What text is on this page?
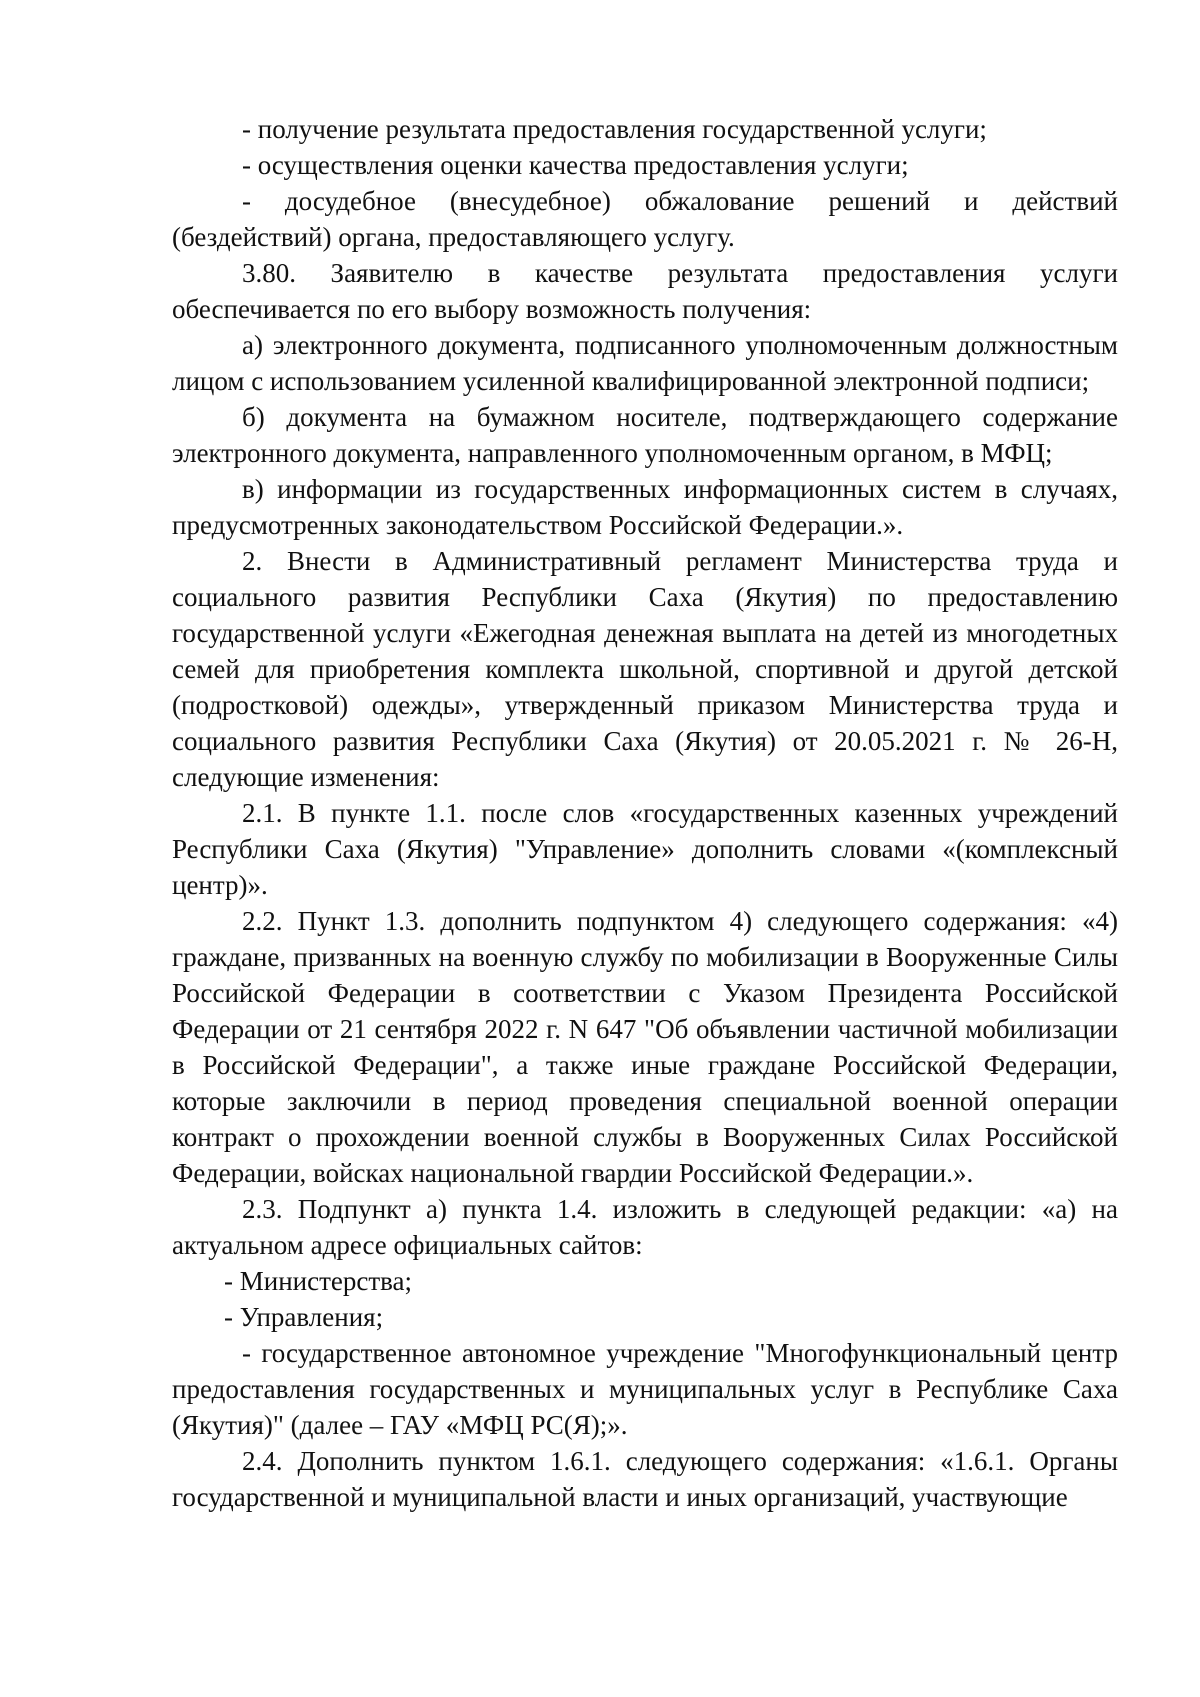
- получение результата предоставления государственной услуги;

- осуществления оценки качества предоставления услуги;

- досудебное (внесудебное) обжалование решений и действий (бездействий) органа, предоставляющего услугу.

3.80. Заявителю в качестве результата предоставления услуги обеспечивается по его выбору возможность получения:

а) электронного документа, подписанного уполномоченным должностным лицом с использованием усиленной квалифицированной электронной подписи;

б) документа на бумажном носителе, подтверждающего содержание электронного документа, направленного уполномоченным органом, в МФЦ;

в) информации из государственных информационных систем в случаях, предусмотренных законодательством Российской Федерации.».

2. Внести в Административный регламент Министерства труда и социального развития Республики Саха (Якутия) по предоставлению государственной услуги «Ежегодная денежная выплата на детей из многодетных семей для приобретения комплекта школьной, спортивной и другой детской (подростковой) одежды», утвержденный приказом Министерства труда и социального развития Республики Саха (Якутия) от 20.05.2021 г. № 26-Н, следующие изменения:

2.1. В пункте 1.1. после слов «государственных казенных учреждений Республики Саха (Якутия) "Управление» дополнить словами «(комплексный центр)».

2.2. Пункт 1.3. дополнить подпунктом 4) следующего содержания: «4) граждане, призванных на военную службу по мобилизации в Вооруженные Силы Российской Федерации в соответствии с Указом Президента Российской Федерации от 21 сентября 2022 г. N 647 "Об объявлении частичной мобилизации в Российской Федерации", а также иные граждане Российской Федерации, которые заключили в период проведения специальной военной операции контракт о прохождении военной службы в Вооруженных Силах Российской Федерации, войсках национальной гвардии Российской Федерации.».

2.3. Подпункт а) пункта 1.4. изложить в следующей редакции: «а) на актуальном адресе официальных сайтов:

- Министерства;

- Управления;

- государственное автономное учреждение "Многофункциональный центр предоставления государственных и муниципальных услуг в Республике Саха (Якутия)" (далее – ГАУ «МФЦ РС(Я);».

2.4. Дополнить пунктом 1.6.1. следующего содержания: «1.6.1. Органы государственной и муниципальной власти и иных организаций, участвующие
